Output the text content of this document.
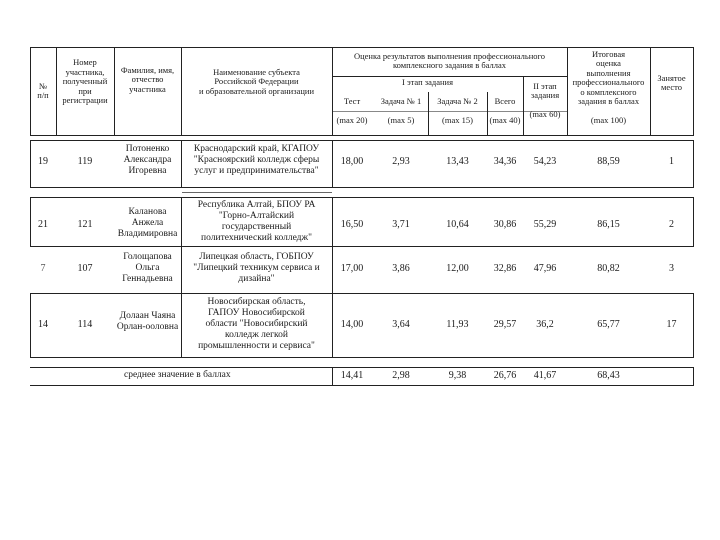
№
п/п
Номер
участника,
полученный
при
регистрации
Фамилия, имя,
отчество
участника
Наименование субъекта
Российской Федерации
и образовательной организации
Оценка результатов выполнения профессионального
комплексного задания в баллах
I этап задания
Тест	Задача № 1	Задача № 2	Всего
II этап
задания
Итоговая
оценка
выполнения
профессионального
о комплексного
задания в баллах
Занятое
место
(max 20)	(max 5)	(max 15)	(max 40)
(max 60)
(max 100)
19	119
Потоненко
Александра
Игоревна
Краснодарский край, КГАПОУ
"Красноярский колледж сферы
услуг и предпринимательства"
18,00	2,93	13,43	34,36	54,23	88,59	1
21	121
Каланова
Анжела
Владимировна
Республика Алтай, БПОУ РА
"Горно-Алтайский
государственный
политехнический колледж"
16,50	3,71	10,64	30,86	55,29	86,15	2
7	107
Голощапова
Ольга
Геннадьевна
Липецкая область, ГОБПОУ
"Липецкий техникум сервиса и
дизайна"
17,00	3,86	12,00	32,86	47,96	80,82	3
14	114
Долаан Чаяна
Орлан-ооловна
Новосибирская область,
ГАПОУ Новосибирской
области "Новосибирский
колледж легкой
промышленности и сервиса"
14,00	3,64	11,93	29,57	36,2	65,77	17
среднее значение в баллах	14,41	2,98	9,38	26,76	41,67	68,43
